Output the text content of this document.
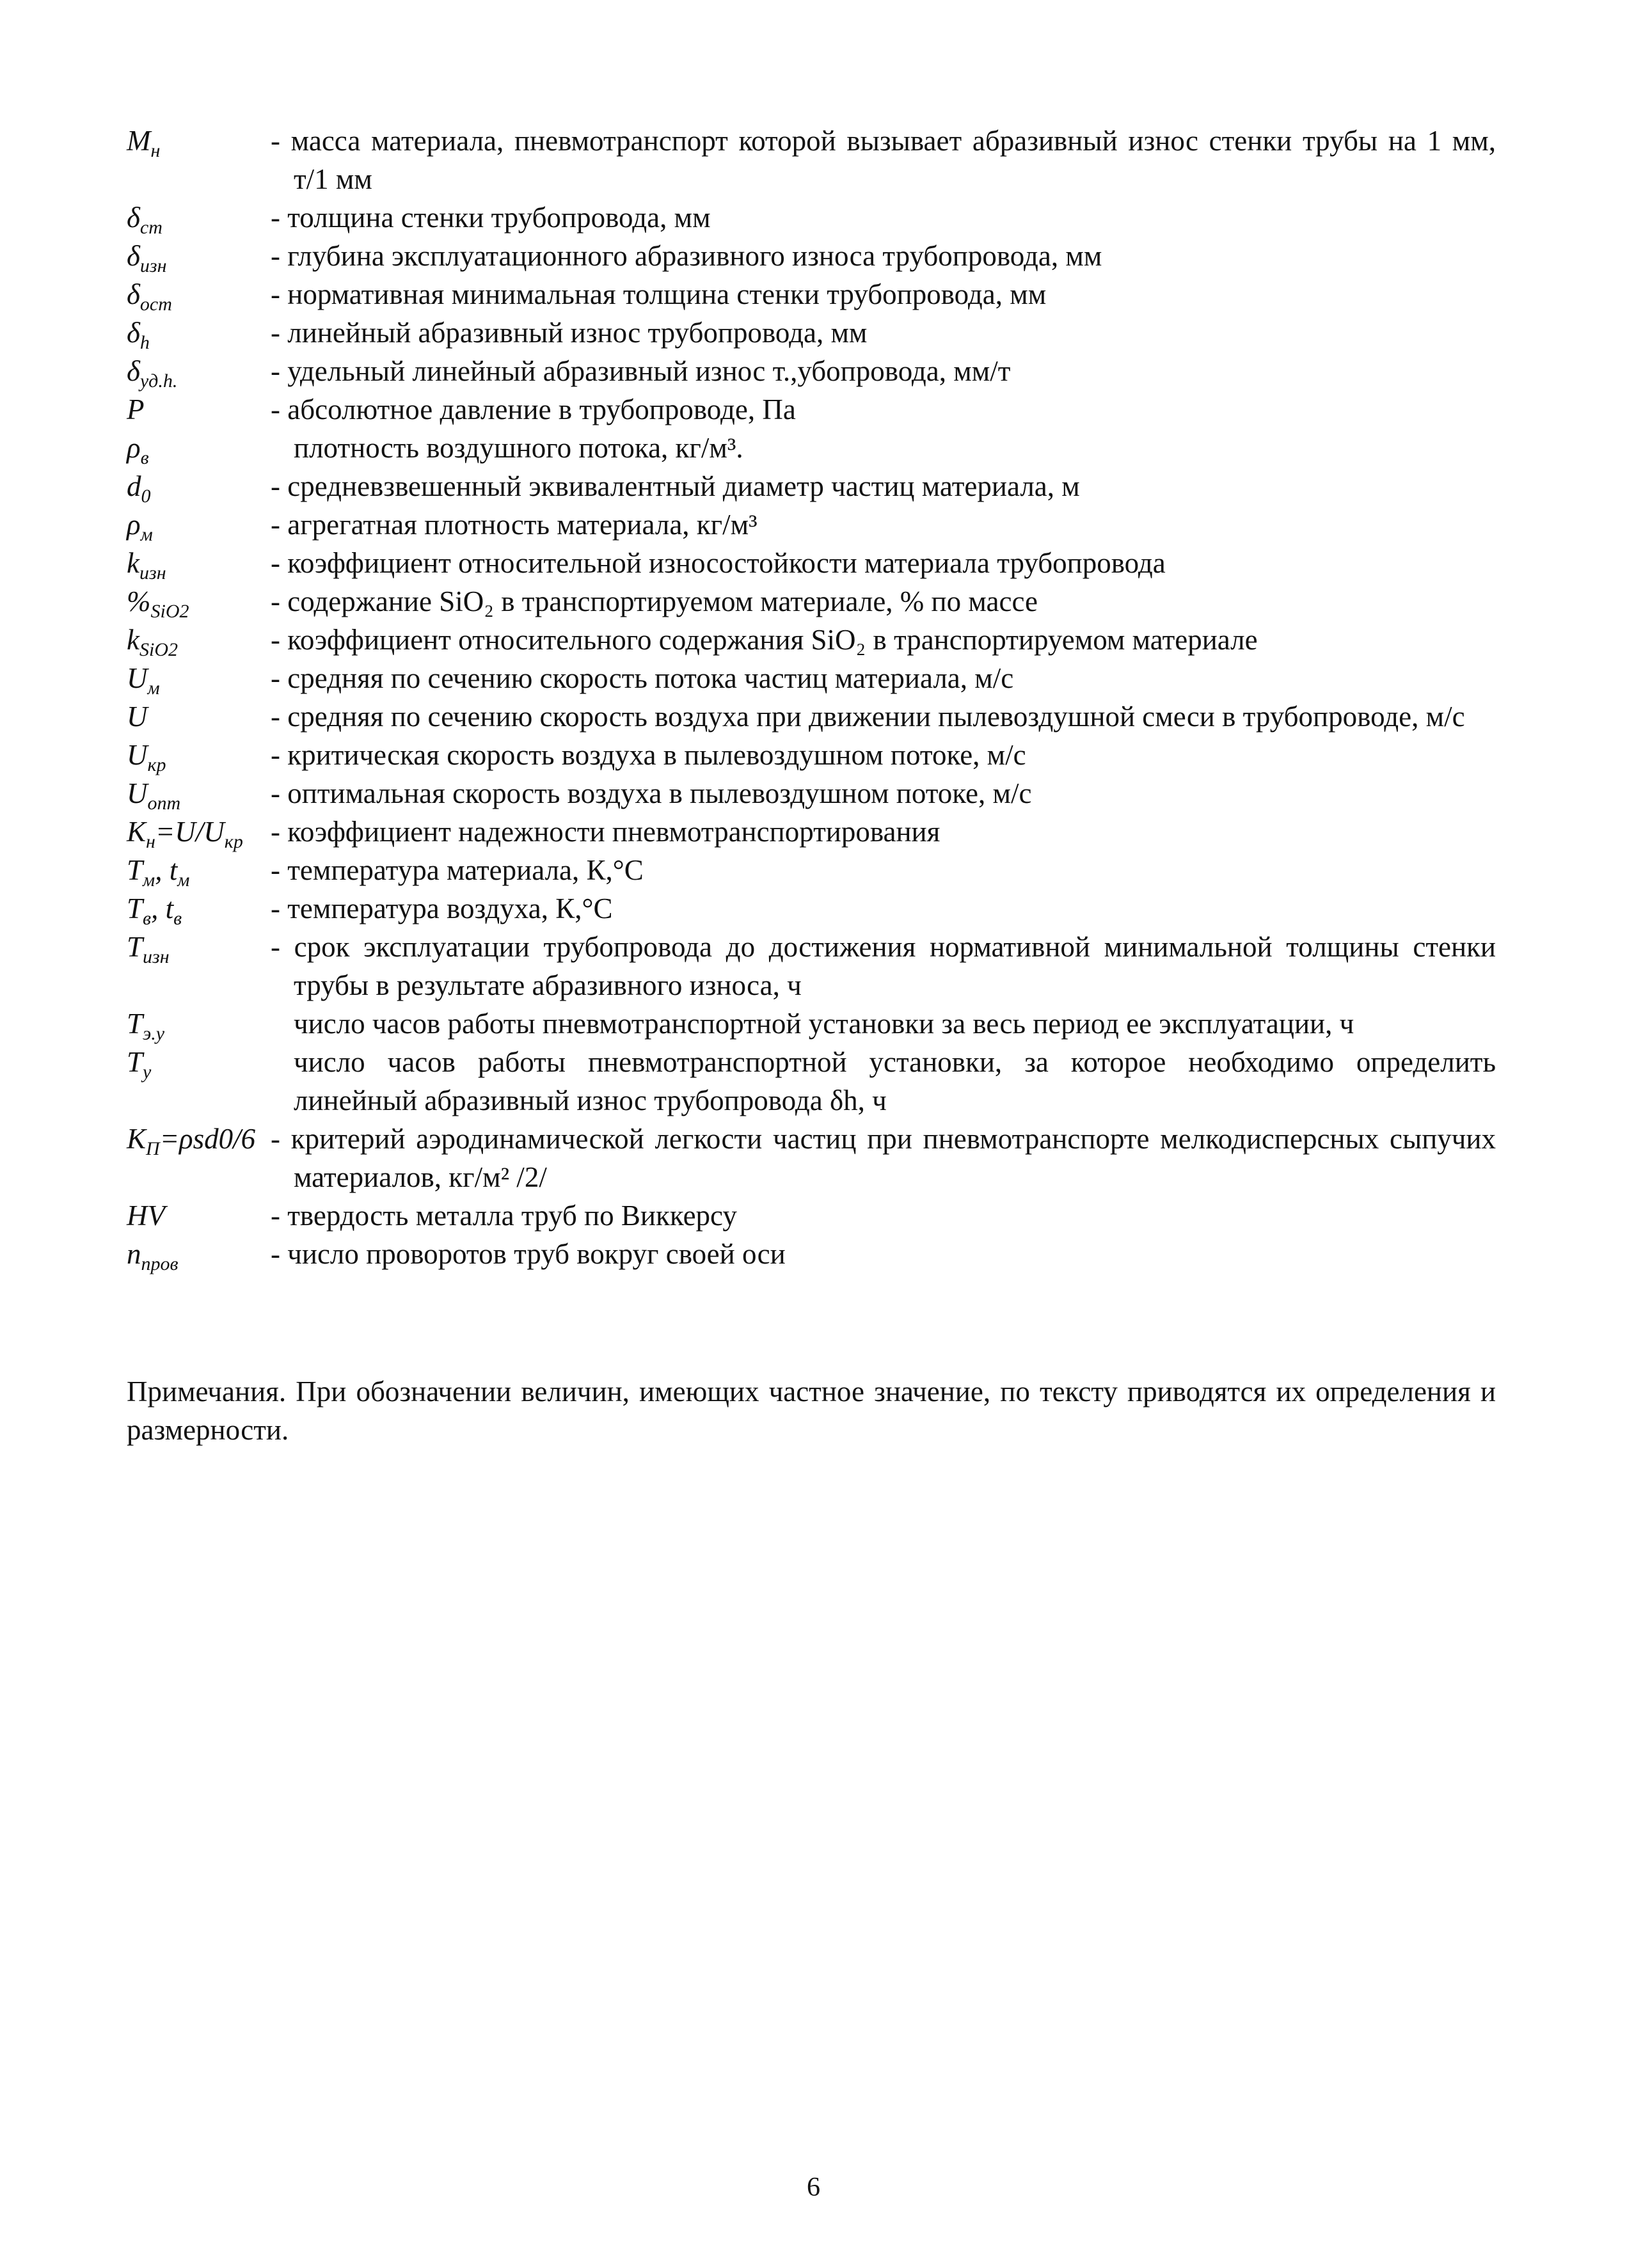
$M_н$	- масса материала, пневмотранспорт которой вызывает абразивный износ стенки трубы на 1 мм, т/1 мм
$\delta_{cm}$	- толщина стенки трубопровода, мм
$\delta_{изн}$	- глубина эксплуатационного абразивного износа трубопровода, мм
$\delta_{ocm}$	- нормативная минимальная толщина стенки трубопровода, мм
$\delta_h$	- линейный абразивный износ трубопровода, мм
$\delta_{уд.h.}$	- удельный линейный абразивный износ т.,убопровода, мм/т
P	- абсолютное давление в трубопроводе, Па
$\rho_в$	плотность воздушного потока, кг/м³.
$d_0$	- средневзвешенный эквивалентный диаметр частиц материала, м
$\rho_м$	- агрегатная плотность материала, кг/м³
$k_{изн}$	- коэффициент относительной износостойкости материала трубопровода
$\%_{SiO2}$	- содержание SiO₂ в транспортируемом материале, % по массе
$k_{SiO2}$	- коэффициент относительного содержания SiO₂ в транспортируемом материале
$U_м$	- средняя по сечению скорость потока частиц материала, м/с
U	- средняя по сечению скорость воздуха при движении пылевоздушной смеси в трубопроводе, м/с
$U_{кр}$	- критическая скорость воздуха в пылевоздушном потоке, м/с
$U_{опт}$	- оптимальная скорость воздуха в пылевоздушном потоке, м/с
$K_н=U/U_{кр}$ - коэффициент надежности пневмотранспортирования
$T_м$, $t_м$	- температура материала, К,°С
$T_в$, $t_в$	- температура воздуха, К,°С
$T_{изн}$	- срок эксплуатации трубопровода до достижения нормативной минимальной толщины стенки трубы в результате абразивного износа, ч
$T_{э.у}$	число часов работы пневмотранспортной установки за весь период ее эксплуатации, ч
$T_у$	число часов работы пневмотранспортной установки, за которое необходимо определить линейный абразивный износ трубопровода δh, ч
$K_П=\rho sd0/6$ - критерий аэродинамической легкости частиц при пневмотранспорте мелкодисперсных сыпучих материалов, кг/м² /2/
HV	- твердость металла труб по Виккерсу
$n_{пров}$	- число проворотов труб вокруг своей оси
Примечания. При обозначении величин, имеющих частное значение, по тексту приводятся их определения и размерности.
6
